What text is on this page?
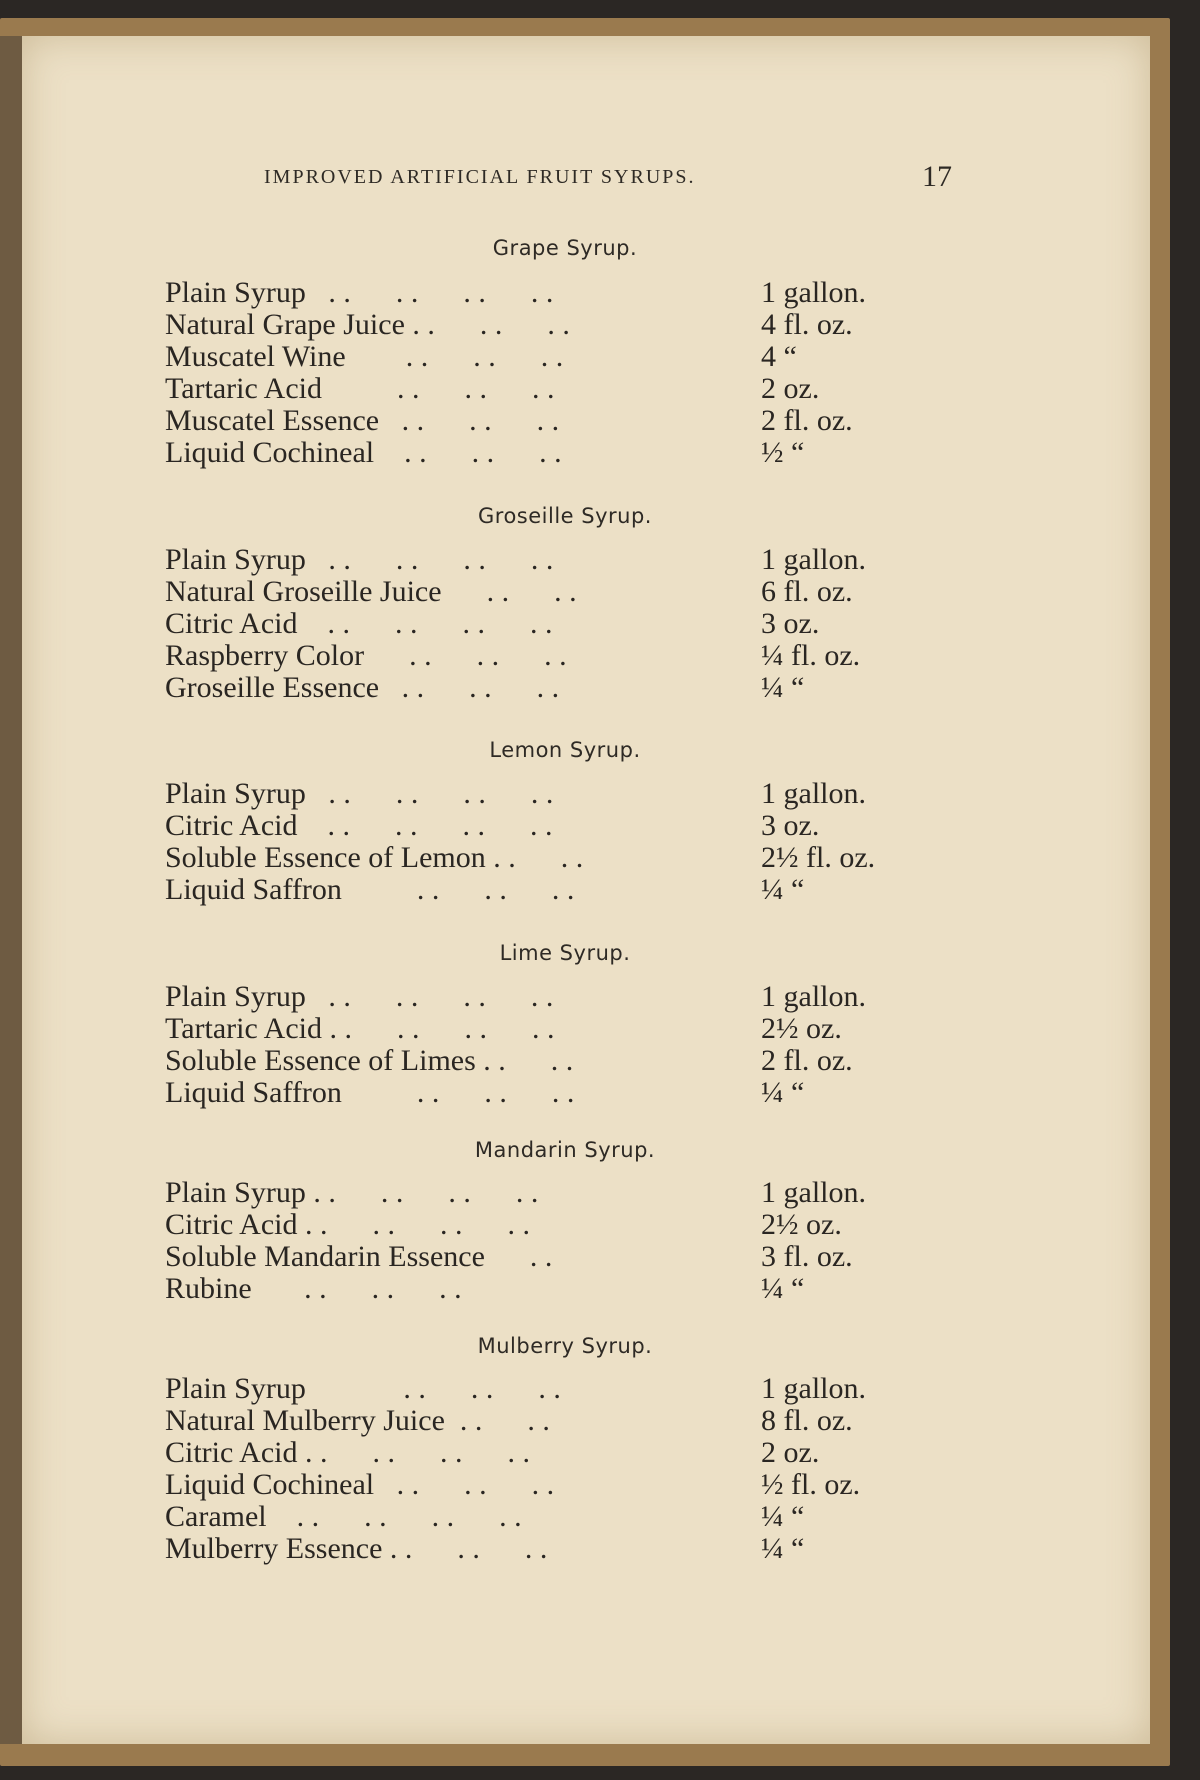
IMPROVED ARTIFICIAL FRUIT SYRUPS.	17
Grape Syrup.
Plain Syrup   . .      . .      . .      . .	1 gallon.
Natural Grape Juice . .      . .      . .	4 fl. oz.
Muscatel Wine        . .      . .      . .	4 “
Tartaric Acid          . .      . .      . .	2 oz.
Muscatel Essence   . .      . .      . .	2 fl. oz.
Liquid Cochineal    . .      . .      . .	½ “
Groseille Syrup.
Plain Syrup   . .      . .      . .      . .	1 gallon.
Natural Groseille Juice      . .      . .	6 fl. oz.
Citric Acid    . .      . .      . .      . .	3 oz.
Raspberry Color      . .      . .      . .	¼ fl. oz.
Groseille Essence   . .      . .      . .	¼ “
Lemon Syrup.
Plain Syrup   . .      . .      . .      . .	1 gallon.
Citric Acid    . .      . .      . .      . .	3 oz.
Soluble Essence of Lemon . .      . .	2½ fl. oz.
Liquid Saffron          . .      . .      . .	¼ “
Lime Syrup.
Plain Syrup   . .      . .      . .      . .	1 gallon.
Tartaric Acid . .      . .      . .      . .	2½ oz.
Soluble Essence of Limes . .      . .	2 fl. oz.
Liquid Saffron          . .      . .      . .	¼ “
Mandarin Syrup.
Plain Syrup . .      . .      . .      . .	1 gallon.
Citric Acid . .      . .      . .      . .	2½ oz.
Soluble Mandarin Essence      . .	3 fl. oz.
Rubine       . .      . .      . .	¼ “
Mulberry Syrup.
Plain Syrup             . .      . .      . .	1 gallon.
Natural Mulberry Juice  . .      . .	8 fl. oz.
Citric Acid . .      . .      . .      . .	2 oz.
Liquid Cochineal   . .      . .      . .	½ fl. oz.
Caramel    . .      . .      . .      . .	¼ “
Mulberry Essence . .      . .      . .	¼ “
